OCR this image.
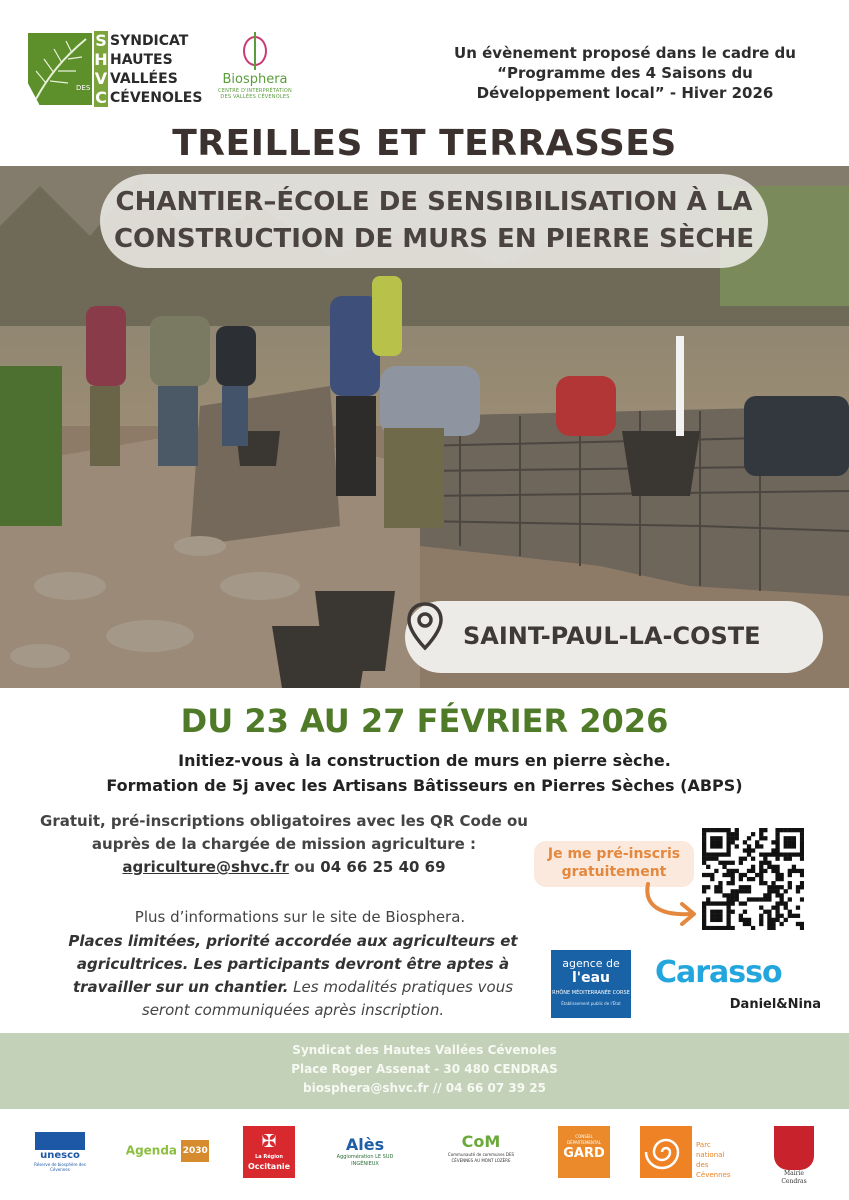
DES
S
H
V
C
SYNDICAT
HAUTES
VALLÉES
CÉVENOLES
Biosphera
CENTRE D'INTERPRÉTATION
DES VALLÉES CÉVENOLES
Un évènement proposé dans le cadre du
“Programme des 4 Saisons du
Développement local” - Hiver 2026
TREILLES ET TERRASSES
CHANTIER–ÉCOLE DE SENSIBILISATION À LA
CONSTRUCTION DE MURS EN PIERRE SÈCHE
SAINT-PAUL-LA-COSTE
DU 23 AU 27 FÉVRIER 2026
Initiez-vous à la construction de murs en pierre sèche.
Formation de 5j avec les Artisans Bâtisseurs en Pierres Sèches (ABPS)
Gratuit, pré-inscriptions obligatoires avec les QR Code ou
auprès de la chargée de mission agriculture :
agriculture@shvc.fr ou 04 66 25 40 69
Plus d’informations sur le site de Biosphera.
Places limitées, priorité accordée aux agriculteurs et
agricultrices. Les participants devront être aptes à
travailler sur un chantier. Les modalités pratiques vous
seront communiquées après inscription.
Je me pré-inscris
gratuitement
agence de
l'eau
RHÔNE MÉDITERRANÉE CORSE
Établissement public de l'État
Carasso
Daniel&Nina
Syndicat des Hautes Vallées Cévenoles
Place Roger Assenat - 30 480 CENDRAS
biosphera@shvc.fr // 04 66 07 39 25
unesco
Réserve de biosphère des Cévennes
Agenda 2030	✠
La Région
Occitanie
Alès
Agglomération LE SUD INGÉNIEUX
CoM
Communauté de communes DES CÉVENNES AU MONT LOZÈRE
CONSEIL DÉPARTEMENTAL
GARD
Parc national
des Cévennes	Mairie Cendras
